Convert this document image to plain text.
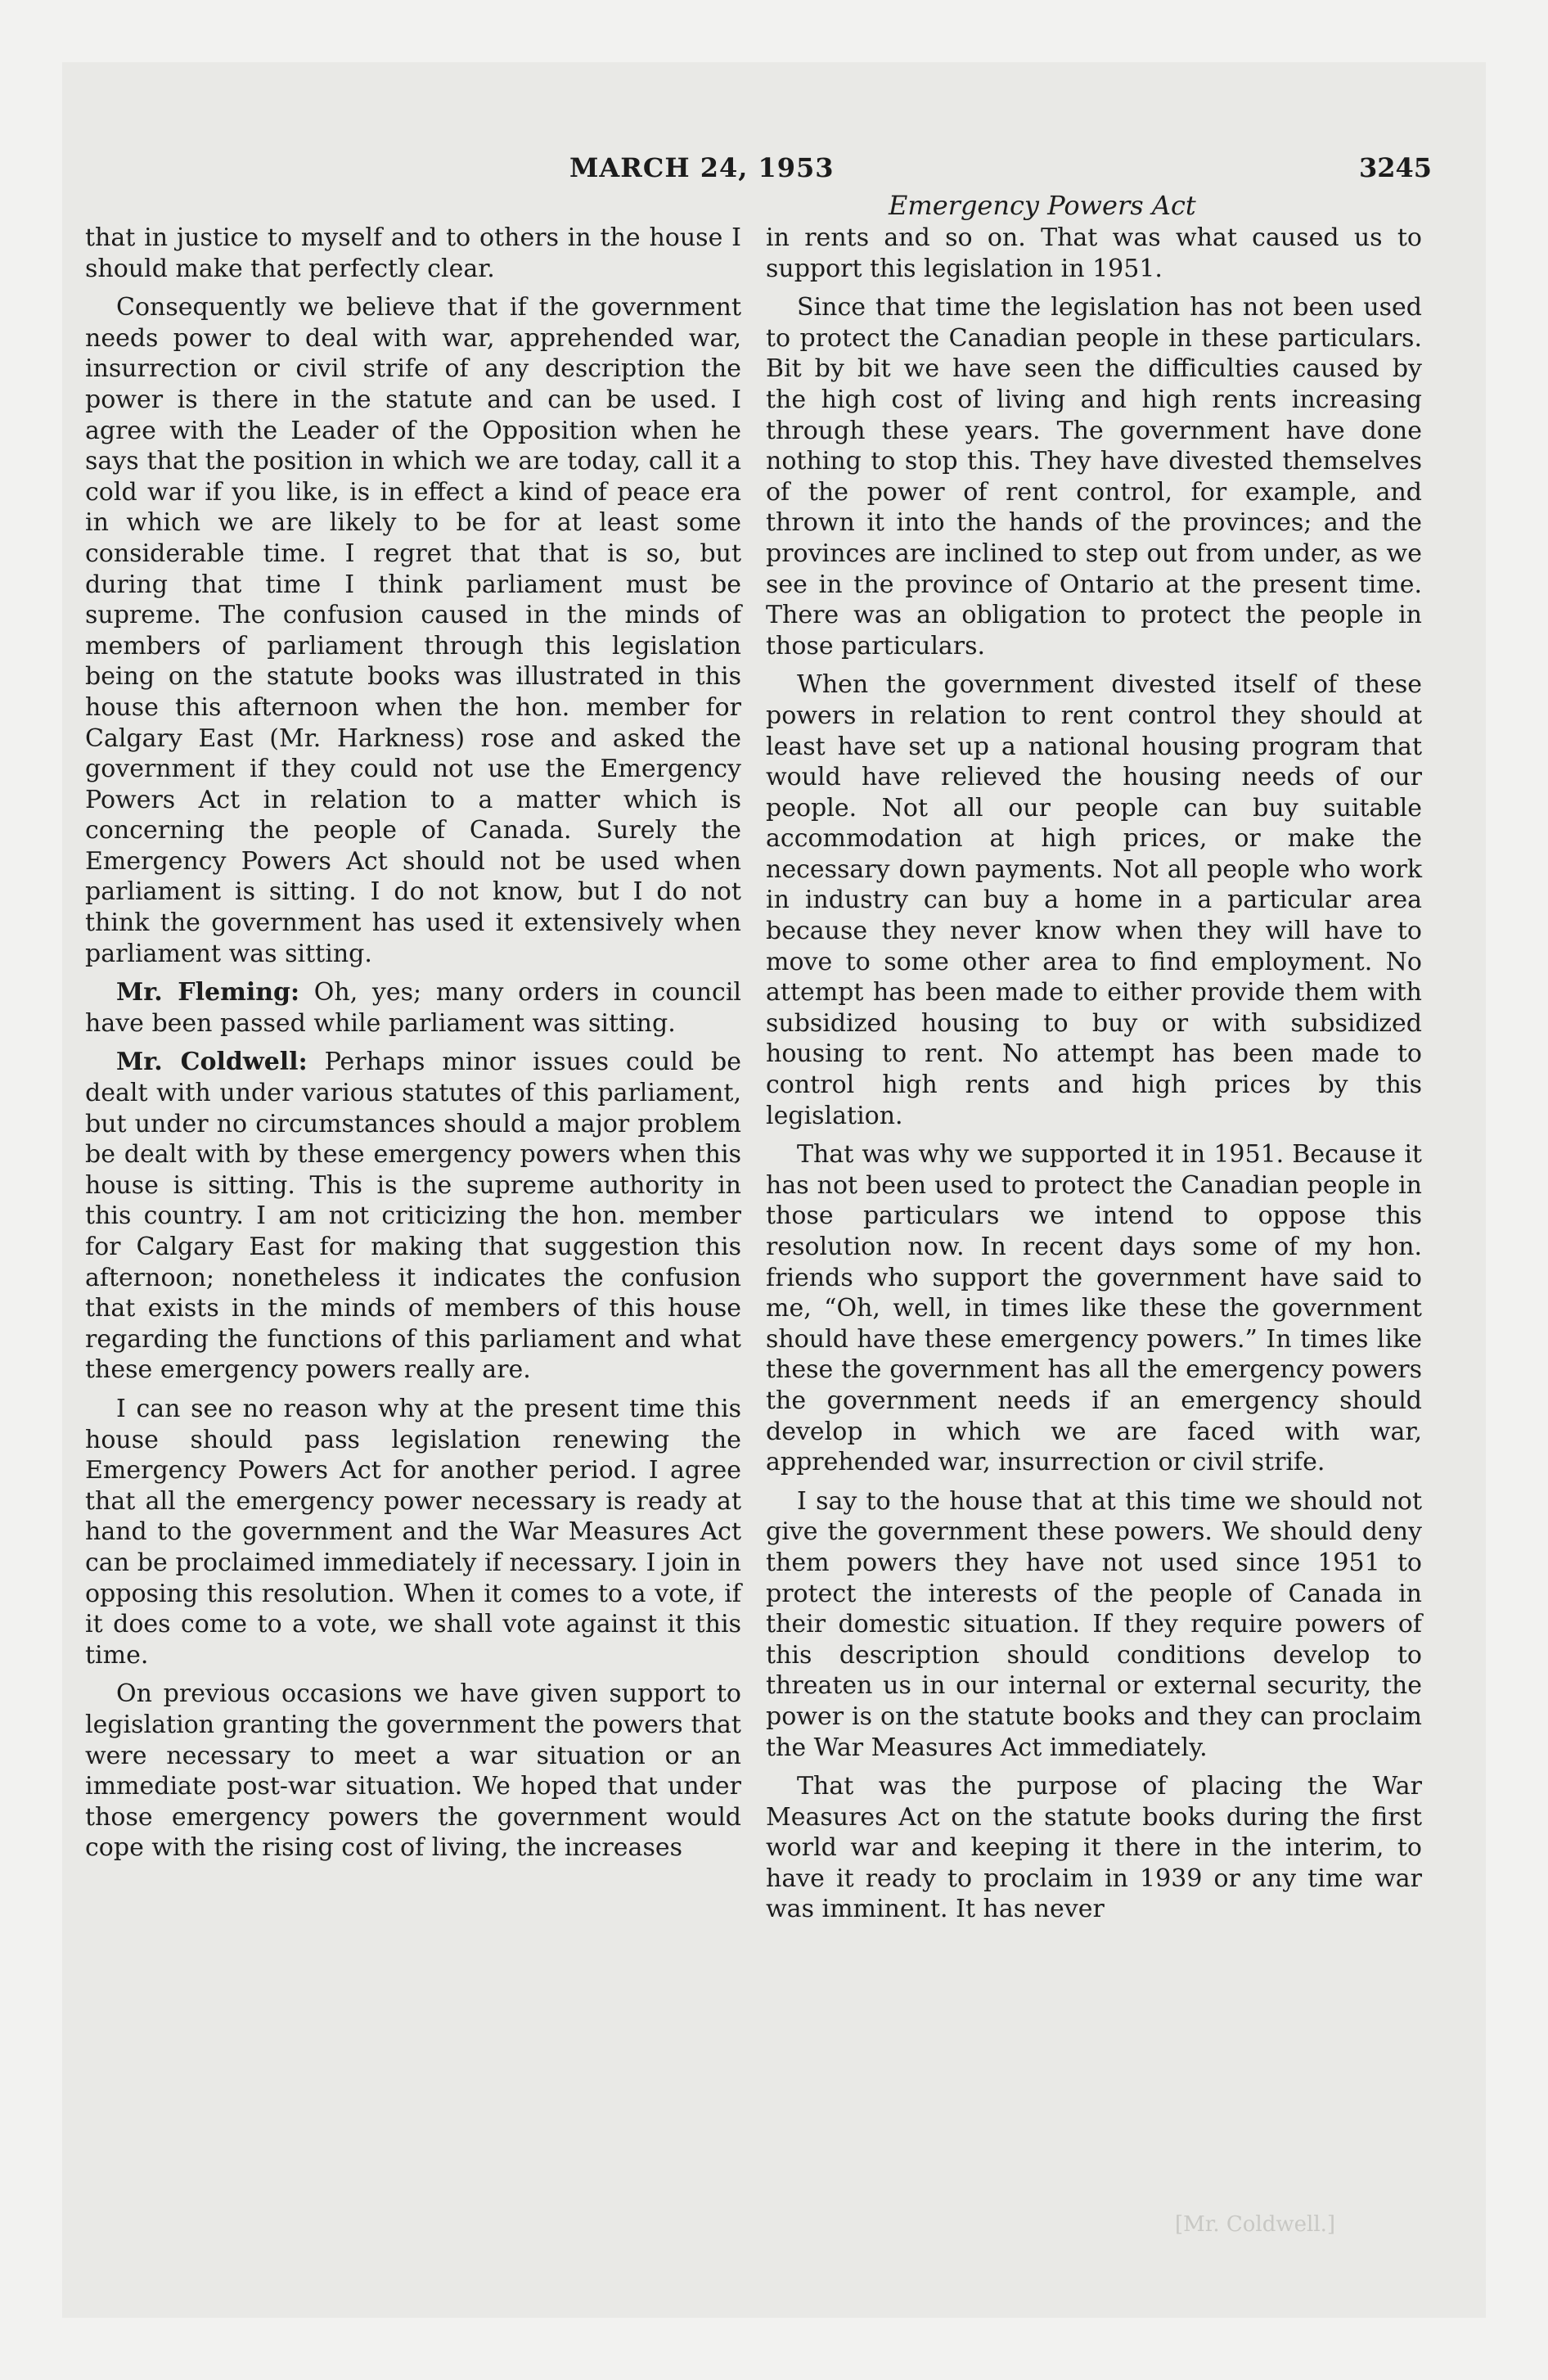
MARCH 24, 1953	3245
Emergency Powers Act

that in justice to myself and to others in the house I should make that perfectly clear.

Consequently we believe that if the government needs power to deal with war, apprehended war, insurrection or civil strife of any description the power is there in the statute and can be used. I agree with the Leader of the Opposition when he says that the position in which we are today, call it a cold war if you like, is in effect a kind of peace era in which we are likely to be for at least some considerable time. I regret that that is so, but during that time I think parliament must be supreme. The confusion caused in the minds of members of parliament through this legislation being on the statute books was illustrated in this house this afternoon when the hon. member for Calgary East (Mr. Harkness) rose and asked the government if they could not use the Emergency Powers Act in relation to a matter which is concerning the people of Canada. Surely the Emergency Powers Act should not be used when parliament is sitting. I do not know, but I do not think the government has used it extensively when parliament was sitting.

Mr. Fleming: Oh, yes; many orders in council have been passed while parliament was sitting.

Mr. Coldwell: Perhaps minor issues could be dealt with under various statutes of this parliament, but under no circumstances should a major problem be dealt with by these emergency powers when this house is sitting. This is the supreme authority in this country. I am not criticizing the hon. member for Calgary East for making that suggestion this afternoon; nonetheless it indicates the confusion that exists in the minds of members of this house regarding the functions of this parliament and what these emergency powers really are.

I can see no reason why at the present time this house should pass legislation renewing the Emergency Powers Act for another period. I agree that all the emergency power necessary is ready at hand to the government and the War Measures Act can be proclaimed immediately if necessary. I join in opposing this resolution. When it comes to a vote, if it does come to a vote, we shall vote against it this time.

On previous occasions we have given support to legislation granting the government the powers that were necessary to meet a war situation or an immediate post-war situation. We hoped that under those emergency powers the government would cope with the rising cost of living, the increases

in rents and so on. That was what caused us to support this legislation in 1951.

Since that time the legislation has not been used to protect the Canadian people in these particulars. Bit by bit we have seen the difficulties caused by the high cost of living and high rents increasing through these years. The government have done nothing to stop this. They have divested themselves of the power of rent control, for example, and thrown it into the hands of the provinces; and the provinces are inclined to step out from under, as we see in the province of Ontario at the present time. There was an obligation to protect the people in those particulars.

When the government divested itself of these powers in relation to rent control they should at least have set up a national housing program that would have relieved the housing needs of our people. Not all our people can buy suitable accommodation at high prices, or make the necessary down payments. Not all people who work in industry can buy a home in a particular area because they never know when they will have to move to some other area to find employment. No attempt has been made to either provide them with subsidized housing to buy or with subsidized housing to rent. No attempt has been made to control high rents and high prices by this legislation.

That was why we supported it in 1951. Because it has not been used to protect the Canadian people in those particulars we intend to oppose this resolution now. In recent days some of my hon. friends who support the government have said to me, “Oh, well, in times like these the government should have these emergency powers.” In times like these the government has all the emergency powers the government needs if an emergency should develop in which we are faced with war, apprehended war, insurrection or civil strife.

I say to the house that at this time we should not give the government these powers. We should deny them powers they have not used since 1951 to protect the interests of the people of Canada in their domestic situation. If they require powers of this description should conditions develop to threaten us in our internal or external security, the power is on the statute books and they can proclaim the War Measures Act immediately.

That was the purpose of placing the War Measures Act on the statute books during the first world war and keeping it there in the interim, to have it ready to proclaim in 1939 or any time war was imminent. It has never

[Mr. Coldwell.]
